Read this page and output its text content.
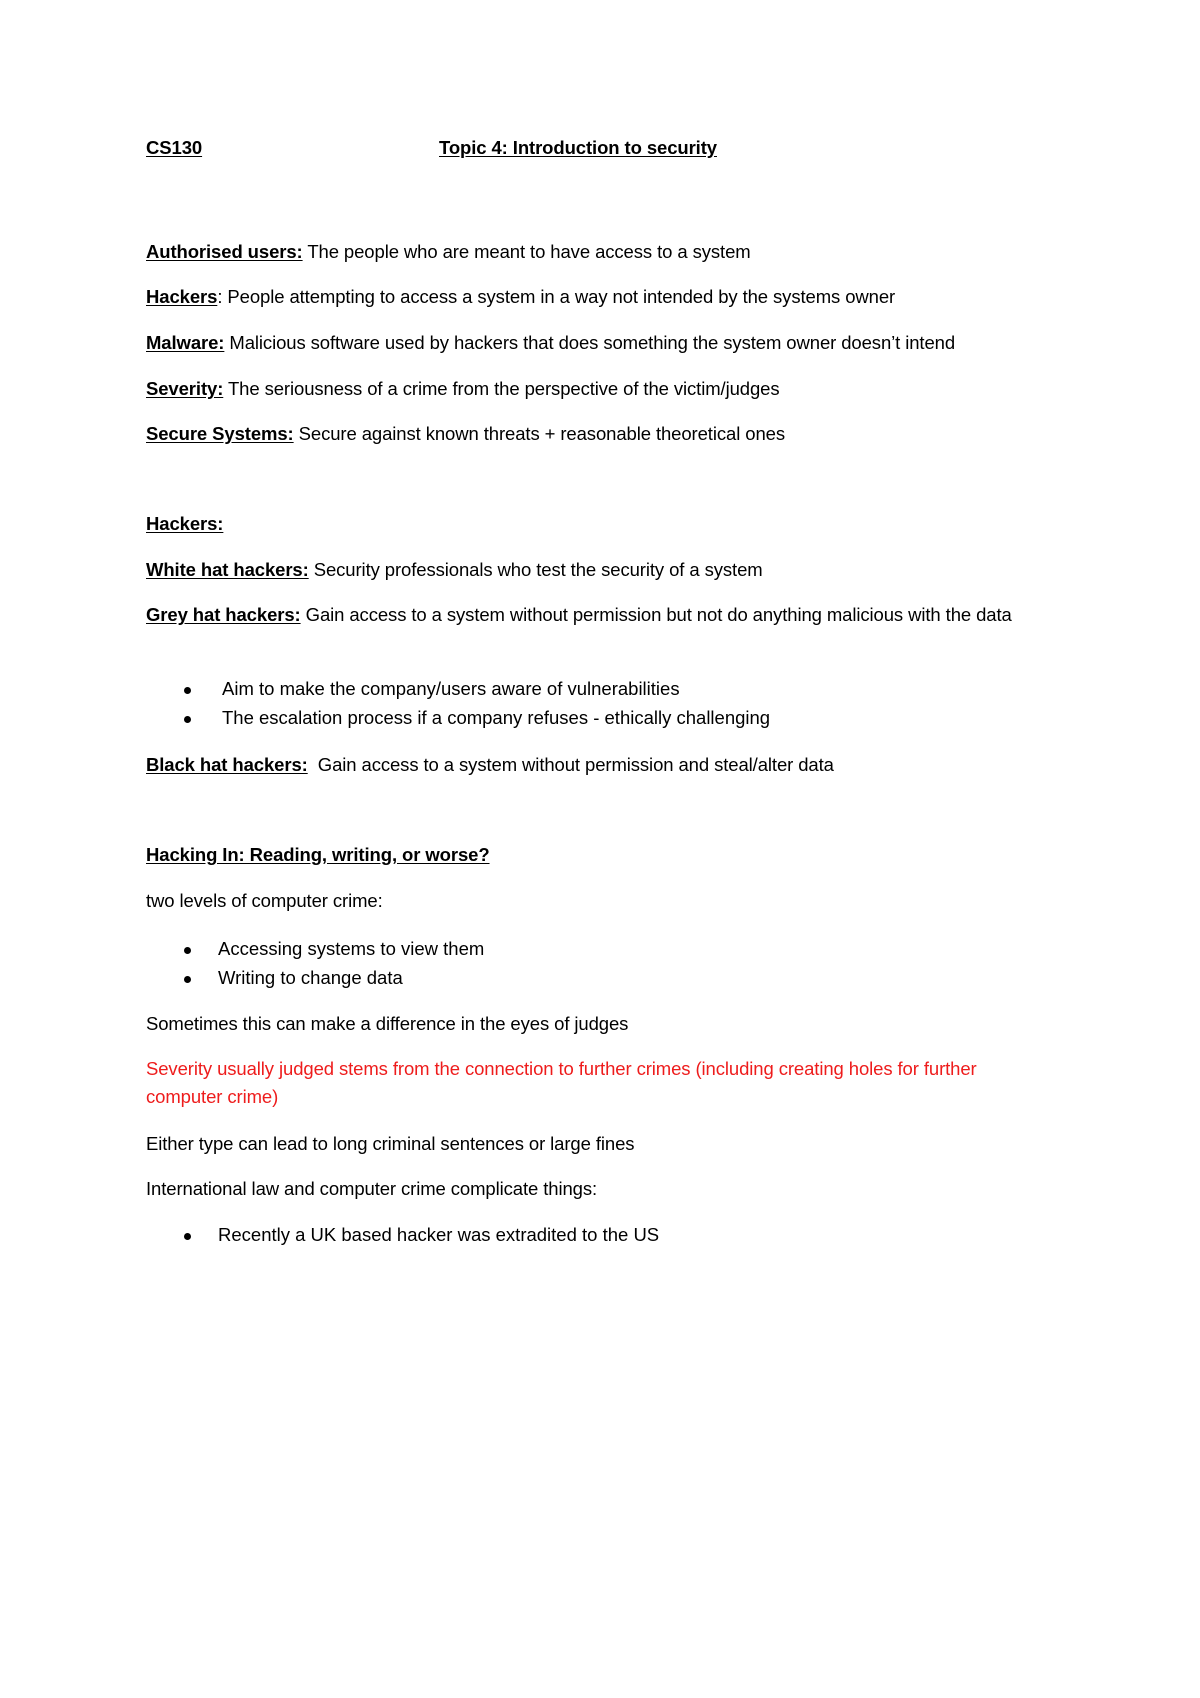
CS130	Topic 4: Introduction to security
Authorised users: The people who are meant to have access to a system
Hackers: People attempting to access a system in a way not intended by the systems owner
Malware: Malicious software used by hackers that does something the system owner doesn’t intend
Severity: The seriousness of a crime from the perspective of the victim/judges
Secure Systems: Secure against known threats + reasonable theoretical ones
Hackers:
White hat hackers: Security professionals who test the security of a system
Grey hat hackers: Gain access to a system without permission but not do anything malicious with the data
Aim to make the company/users aware of vulnerabilities
The escalation process if a company refuses - ethically challenging
Black hat hackers:  Gain access to a system without permission and steal/alter data
Hacking In: Reading, writing, or worse?
two levels of computer crime:
Accessing systems to view them
Writing to change data
Sometimes this can make a difference in the eyes of judges
Severity usually judged stems from the connection to further crimes (including creating holes for further computer crime)
Either type can lead to long criminal sentences or large fines
International law and computer crime complicate things:
Recently a UK based hacker was extradited to the US
